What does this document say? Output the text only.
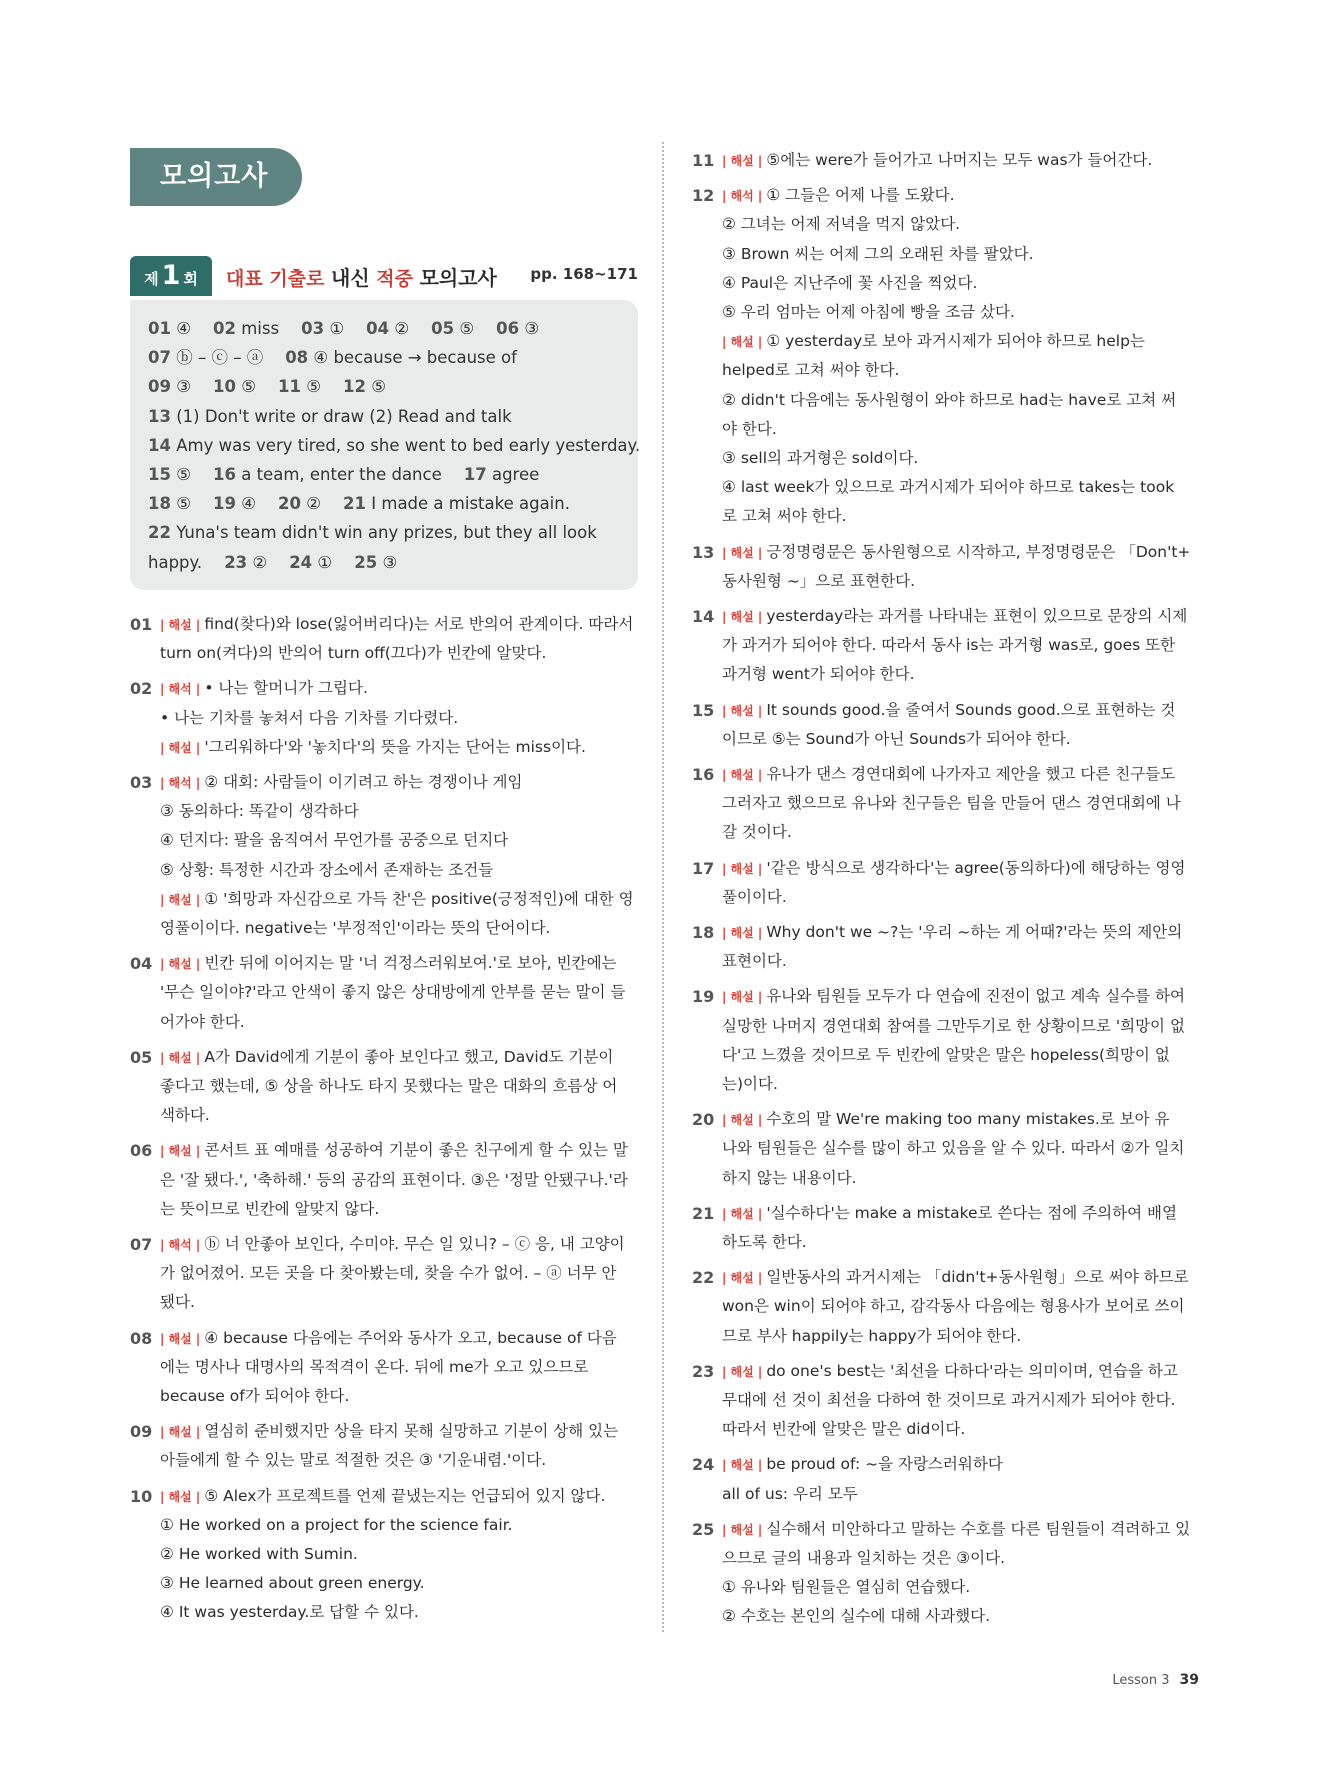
모의고사
제 1 회	대표 기출로 내신 적중 모의고사 pp. 168~171
01 ④ 02 miss 03 ① 04 ② 05 ⑤ 06 ③
07 ⓑ – ⓒ – ⓐ 08 ④ because → because of
09 ③ 10 ⑤ 11 ⑤ 12 ⑤
13 (1) Don't write or draw (2) Read and talk
14 Amy was very tired, so she went to bed early yesterday.
15 ⑤ 16 a team, enter the dance 17 agree
18 ⑤ 19 ④ 20 ② 21 I made a mistake again.
22 Yuna's team didn't win any prizes, but they all look
happy. 23 ② 24 ① 25 ③
01 | 해설 | find(찾다)와 lose(잃어버리다)는 서로 반의어 관계이다. 따라서
turn on(켜다)의 반의어 turn off(끄다)가 빈칸에 알맞다.
02 | 해석 | • 나는 할머니가 그립다.
• 나는 기차를 놓쳐서 다음 기차를 기다렸다.
| 해설 | '그리워하다'와 '놓치다'의 뜻을 가지는 단어는 miss이다.
03 | 해석 | ② 대회: 사람들이 이기려고 하는 경쟁이나 게임
③ 동의하다: 똑같이 생각하다
④ 던지다: 팔을 움직여서 무언가를 공중으로 던지다
⑤ 상황: 특정한 시간과 장소에서 존재하는 조건들
| 해설 | ① '희망과 자신감으로 가득 찬'은 positive(긍정적인)에 대한 영
영풀이이다. negative는 '부정적인'이라는 뜻의 단어이다.
04 | 해설 | 빈칸 뒤에 이어지는 말 '너 걱정스러워보여.'로 보아, 빈칸에는
'무슨 일이야?'라고 안색이 좋지 않은 상대방에게 안부를 묻는 말이 들
어가야 한다.
05 | 해설 | A가 David에게 기분이 좋아 보인다고 했고, David도 기분이
좋다고 했는데, ⑤ 상을 하나도 타지 못했다는 말은 대화의 흐름상 어
색하다.
06 | 해설 | 콘서트 표 예매를 성공하여 기분이 좋은 친구에게 할 수 있는 말
은 '잘 됐다.', '축하해.' 등의 공감의 표현이다. ③은 '정말 안됐구나.'라
는 뜻이므로 빈칸에 알맞지 않다.
07 | 해석 | ⓑ 너 안좋아 보인다, 수미야. 무슨 일 있니? – ⓒ 응, 내 고양이
가 없어졌어. 모든 곳을 다 찾아봤는데, 찾을 수가 없어. – ⓐ 너무 안
됐다.
08 | 해설 | ④ because 다음에는 주어와 동사가 오고, because of 다음
에는 명사나 대명사의 목적격이 온다. 뒤에 me가 오고 있으므로
because of가 되어야 한다.
09 | 해설 | 열심히 준비했지만 상을 타지 못해 실망하고 기분이 상해 있는
아들에게 할 수 있는 말로 적절한 것은 ③ '기운내렴.'이다.
10 | 해설 | ⑤ Alex가 프로젝트를 언제 끝냈는지는 언급되어 있지 않다.
① He worked on a project for the science fair.
② He worked with Sumin.
③ He learned about green energy.
④ It was yesterday.로 답할 수 있다.
11 | 해설 | ⑤에는 were가 들어가고 나머지는 모두 was가 들어간다.
12 | 해석 | ① 그들은 어제 나를 도왔다.
② 그녀는 어제 저녁을 먹지 않았다.
③ Brown 씨는 어제 그의 오래된 차를 팔았다.
④ Paul은 지난주에 꽃 사진을 찍었다.
⑤ 우리 엄마는 어제 아침에 빵을 조금 샀다.
| 해설 | ① yesterday로 보아 과거시제가 되어야 하므로 help는
helped로 고쳐 써야 한다.
② didn't 다음에는 동사원형이 와야 하므로 had는 have로 고쳐 써
야 한다.
③ sell의 과거형은 sold이다.
④ last week가 있으므로 과거시제가 되어야 하므로 takes는 took
로 고쳐 써야 한다.
13 | 해설 | 긍정명령문은 동사원형으로 시작하고, 부정명령문은 「Don't+
동사원형 ~」으로 표현한다.
14 | 해설 | yesterday라는 과거를 나타내는 표현이 있으므로 문장의 시제
가 과거가 되어야 한다. 따라서 동사 is는 과거형 was로, goes 또한
과거형 went가 되어야 한다.
15 | 해설 | It sounds good.을 줄여서 Sounds good.으로 표현하는 것
이므로 ⑤는 Sound가 아닌 Sounds가 되어야 한다.
16 | 해설 | 유나가 댄스 경연대회에 나가자고 제안을 했고 다른 친구들도
그러자고 했으므로 유나와 친구들은 팀을 만들어 댄스 경연대회에 나
갈 것이다.
17 | 해설 | '같은 방식으로 생각하다'는 agree(동의하다)에 해당하는 영영
풀이이다.
18 | 해설 | Why don't we ~?는 '우리 ~하는 게 어때?'라는 뜻의 제안의
표현이다.
19 | 해설 | 유나와 팀원들 모두가 다 연습에 진전이 없고 계속 실수를 하여
실망한 나머지 경연대회 참여를 그만두기로 한 상황이므로 '희망이 없
다'고 느꼈을 것이므로 두 빈칸에 알맞은 말은 hopeless(희망이 없
는)이다.
20 | 해설 | 수호의 말 We're making too many mistakes.로 보아 유
나와 팀원들은 실수를 많이 하고 있음을 알 수 있다. 따라서 ②가 일치
하지 않는 내용이다.
21 | 해설 | '실수하다'는 make a mistake로 쓴다는 점에 주의하여 배열
하도록 한다.
22 | 해설 | 일반동사의 과거시제는 「didn't+동사원형」으로 써야 하므로
won은 win이 되어야 하고, 감각동사 다음에는 형용사가 보어로 쓰이
므로 부사 happily는 happy가 되어야 한다.
23 | 해설 | do one's best는 '최선을 다하다'라는 의미이며, 연습을 하고
무대에 선 것이 최선을 다하여 한 것이므로 과거시제가 되어야 한다.
따라서 빈칸에 알맞은 말은 did이다.
24 | 해설 | be proud of: ~을 자랑스러워하다
all of us: 우리 모두
25 | 해설 | 실수해서 미안하다고 말하는 수호를 다른 팀원들이 격려하고 있
으므로 글의 내용과 일치하는 것은 ③이다.
① 유나와 팀원들은 열심히 연습했다.
② 수호는 본인의 실수에 대해 사과했다.
Lesson 3 39
